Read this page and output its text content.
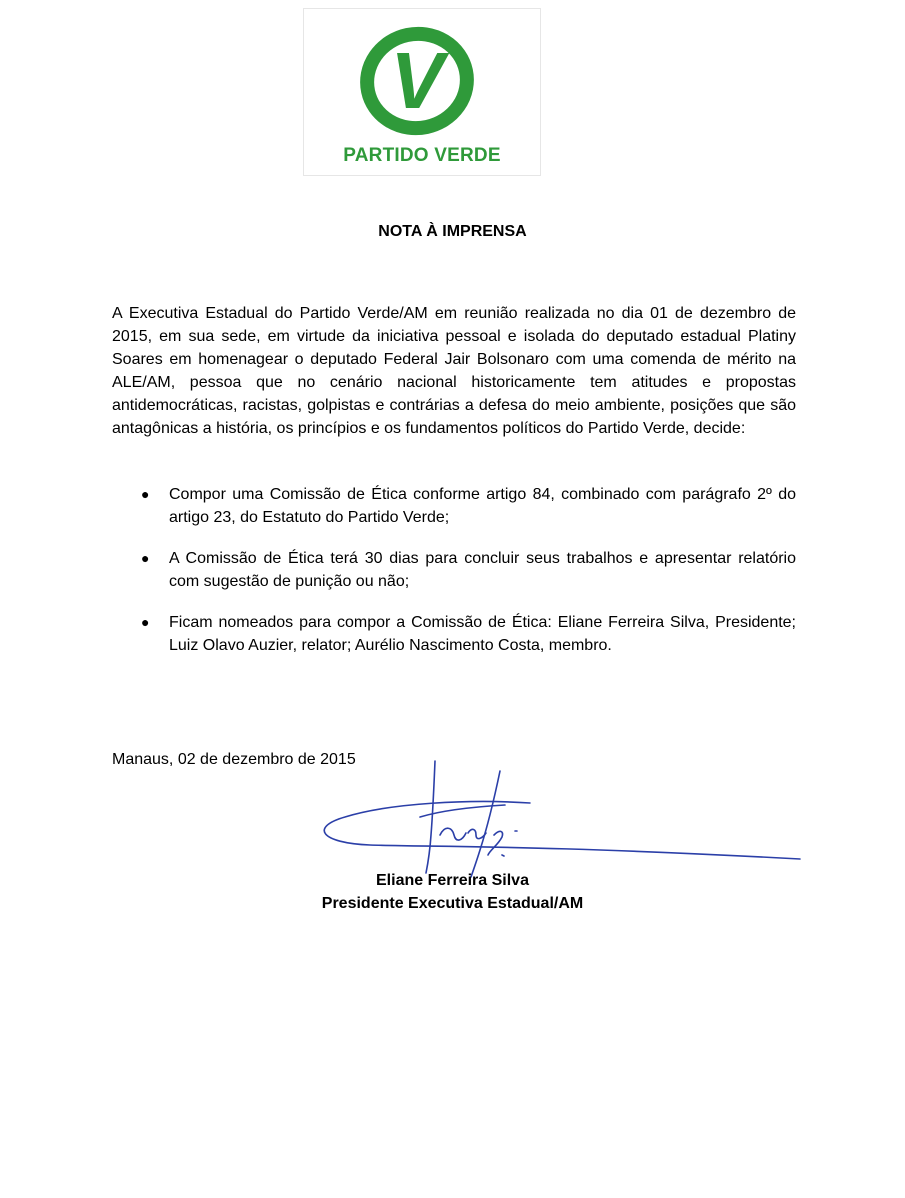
V
PARTIDO VERDE
NOTA À IMPRENSA

A Executiva Estadual do Partido Verde/AM em reunião realizada no dia 01 de dezembro de 2015, em sua sede, em virtude da iniciativa pessoal e isolada do deputado estadual Platiny Soares em homenagear o deputado Federal Jair Bolsonaro com uma comenda de mérito na ALE/AM, pessoa que no cenário nacional historicamente tem atitudes e propostas antidemocráticas, racistas, golpistas e contrárias a defesa do meio ambiente, posições que são antagônicas a história, os princípios e os fundamentos políticos do Partido Verde, decide:

● Compor uma Comissão de Ética conforme artigo 84, combinado com parágrafo 2º do artigo 23, do Estatuto do Partido Verde;
● A Comissão de Ética terá 30 dias para concluir seus trabalhos e apresentar relatório com sugestão de punição ou não;
● Ficam nomeados para compor a Comissão de Ética: Eliane Ferreira Silva, Presidente; Luiz Olavo Auzier, relator; Aurélio Nascimento Costa, membro.
Manaus, 02 de dezembro de 2015
Eliane Ferreira Silva
Presidente Executiva Estadual/AM
